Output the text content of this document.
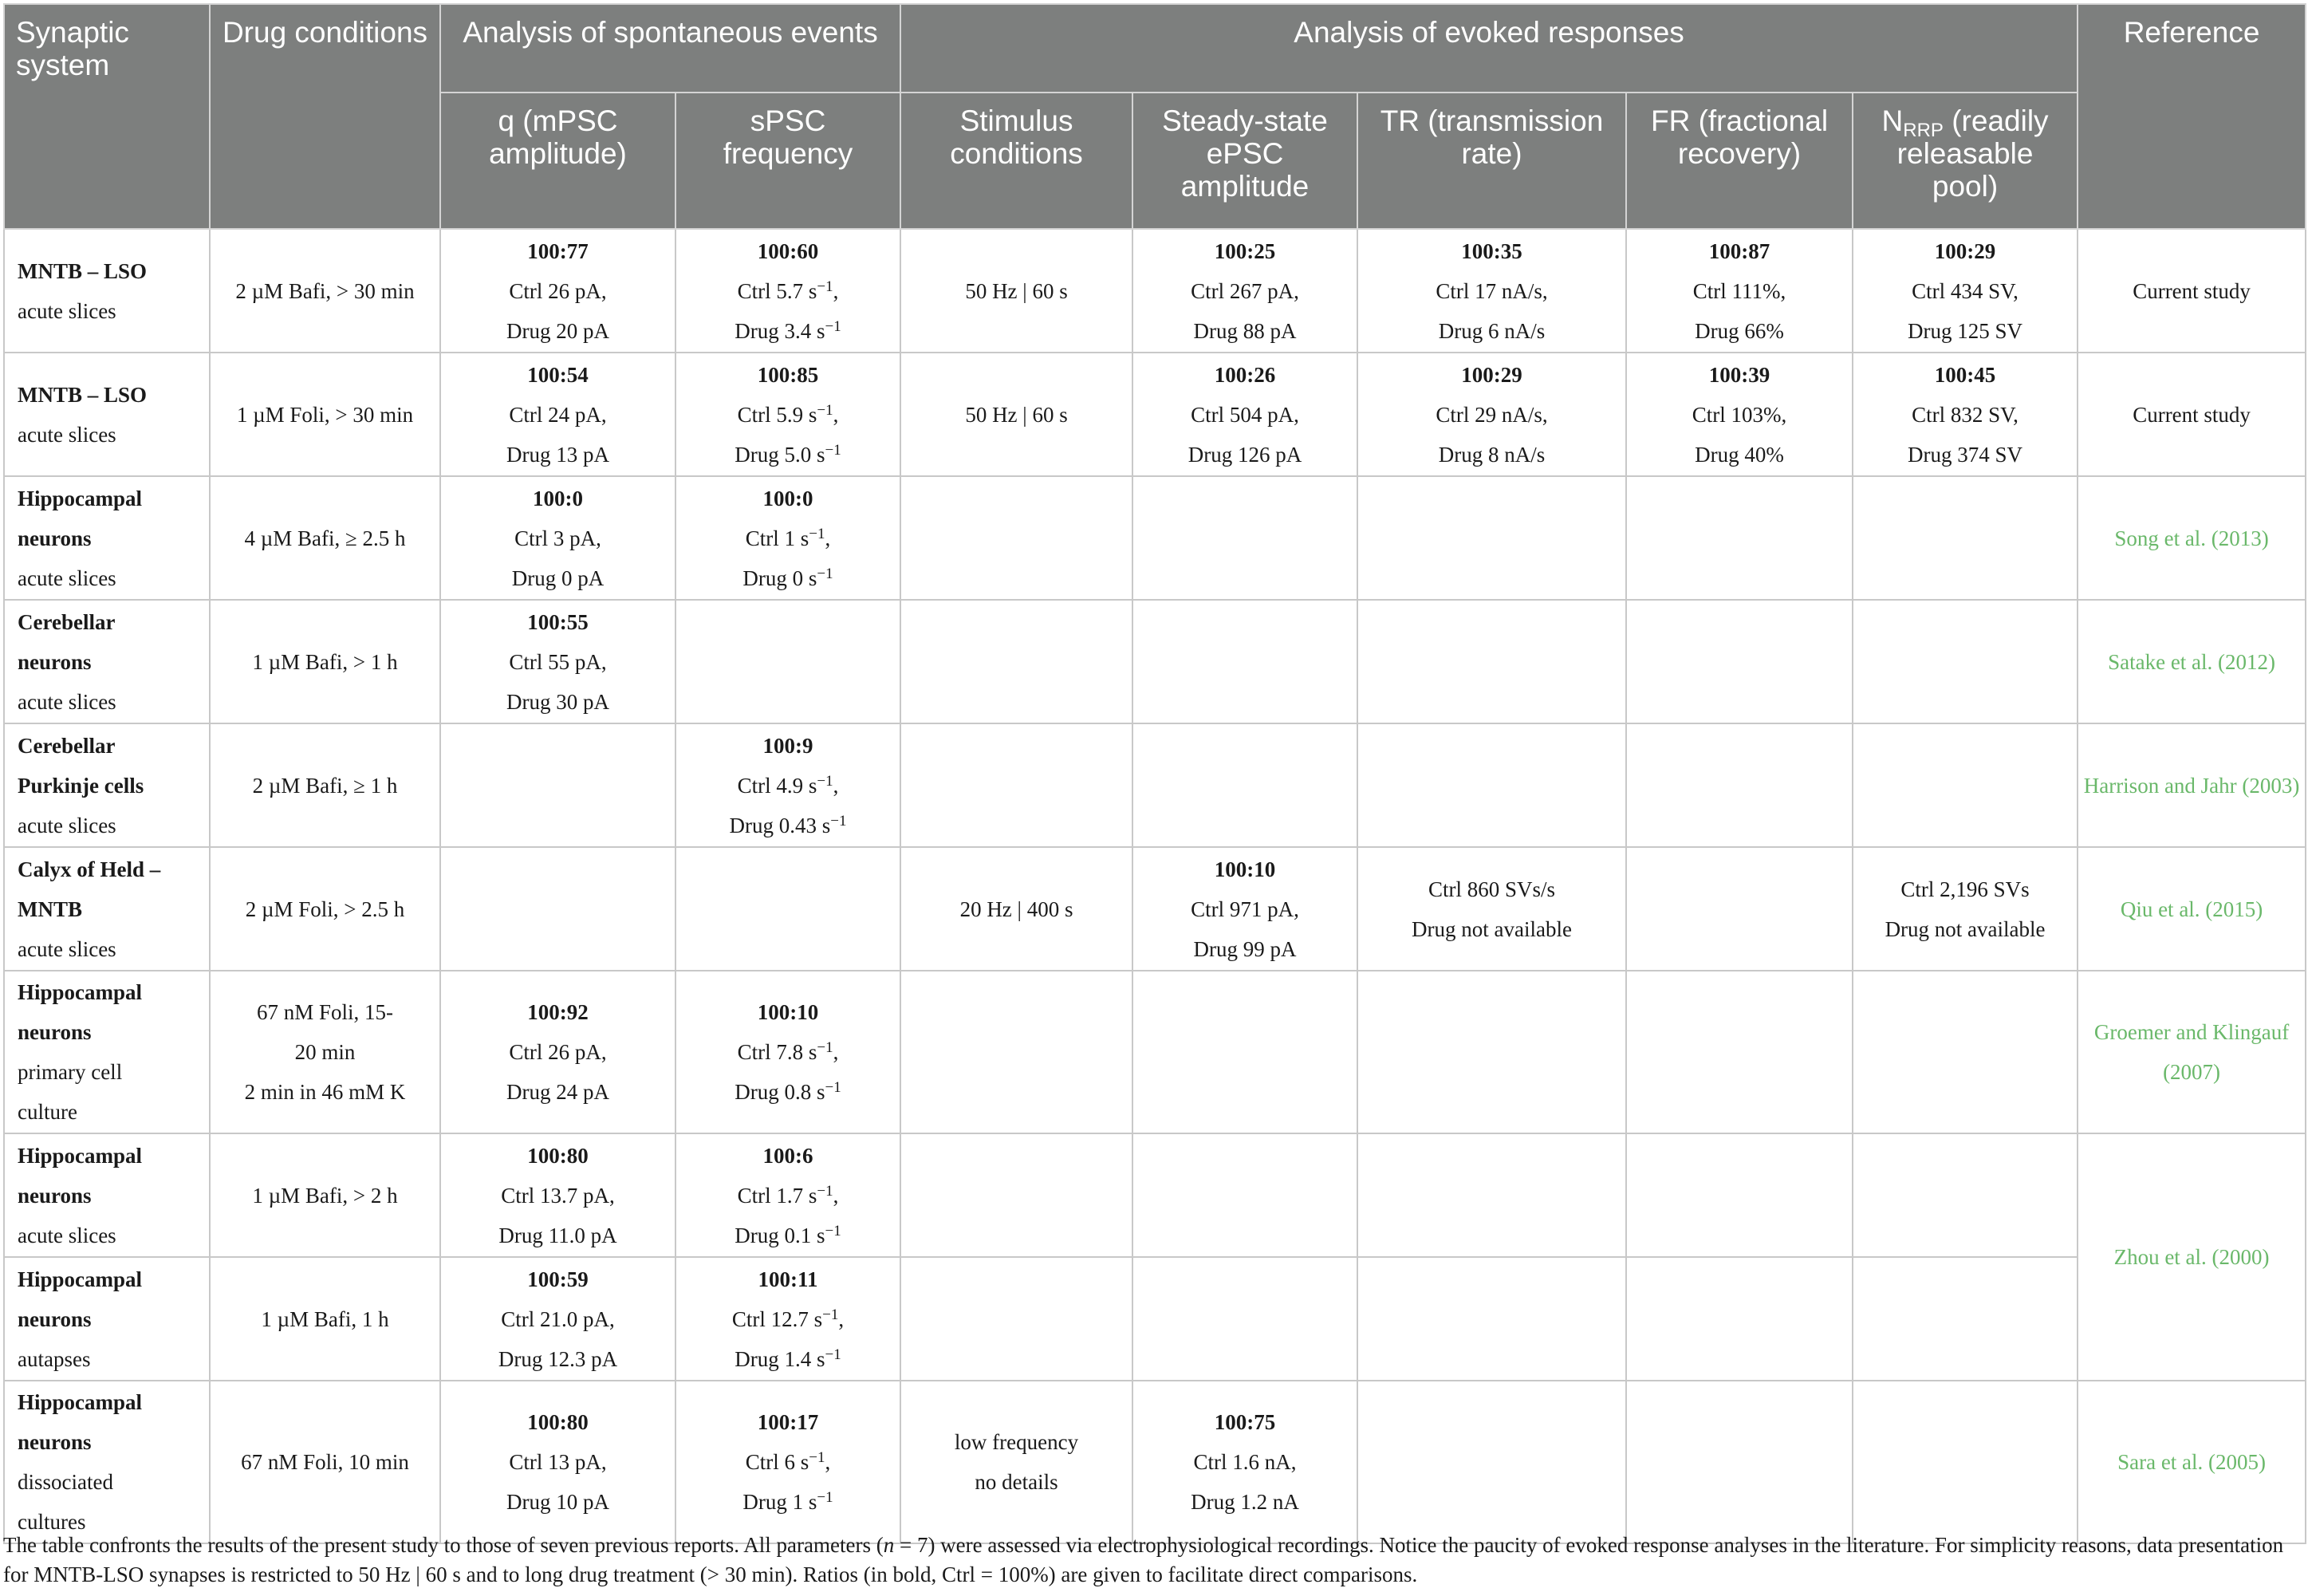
Synaptic system	Drug conditions	Analysis of spontaneous events		Analysis of evoked responses					Reference
		q (mPSC amplitude)	sPSC frequency	Stimulus conditions	Steady-state ePSC amplitude	TR (transmission rate)	FR (fractional recovery)	$N_{RRP}$ (readily releasable pool)	

MNTB – LSO
acute slices	2 µM Bafi, > 30 min	100:77
Ctrl 26 pA,
Drug 20 pA	100:60
Ctrl 5.7 $s^{-1}$,
Drug 3.4 $s^{-1}$	50 Hz | 60 s	100:25
Ctrl 267 pA,
Drug 88 pA	100:35
Ctrl 17 nA/s,
Drug 6 nA/s	100:87
Ctrl 111%,
Drug 66%	100:29
Ctrl 434 SV,
Drug 125 SV	Current study

MNTB – LSO
acute slices	1 µM Foli, > 30 min	100:54
Ctrl 24 pA,
Drug 13 pA	100:85
Ctrl 5.9 $s^{-1}$,
Drug 5.0 $s^{-1}$	50 Hz | 60 s	100:26
Ctrl 504 pA,
Drug 126 pA	100:29
Ctrl 29 nA/s,
Drug 8 nA/s	100:39
Ctrl 103%,
Drug 40%	100:45
Ctrl 832 SV,
Drug 374 SV	Current study

Hippocampal
neurons
acute slices	4 µM Bafi, ≥ 2.5 h	100:0
Ctrl 3 pA,
Drug 0 pA	100:0
Ctrl 1 $s^{-1}$,
Drug 0 $s^{-1}$						Song et al. (2013)

Cerebellar
neurons
acute slices	1 µM Bafi, > 1 h	100:55
Ctrl 55 pA,
Drug 30 pA							Satake et al. (2012)

Cerebellar
Purkinje cells
acute slices	2 µM Bafi, ≥ 1 h		100:9
Ctrl 4.9 $s^{-1}$,
Drug 0.43 $s^{-1}$						Harrison and Jahr (2003)

Calyx of Held –
MNTB
acute slices	2 µM Foli, > 2.5 h			20 Hz | 400 s	100:10
Ctrl 971 pA,
Drug 99 pA	Ctrl 860 SVs/s
Drug not available		Ctrl 2,196 SVs
Drug not available	Qiu et al. (2015)

Hippocampal
neurons
primary cell
culture	67 nM Foli, 15-
20 min
2 min in 46 mM K	100:92
Ctrl 26 pA,
Drug 24 pA	100:10
Ctrl 7.8 $s^{-1}$,
Drug 0.8 $s^{-1}$						Groemer and Klingauf (2007)

Hippocampal
neurons
acute slices	1 µM Bafi, > 2 h	100:80
Ctrl 13.7 pA,
Drug 11.0 pA	100:6
Ctrl 1.7 $s^{-1}$,
Drug 0.1 $s^{-1}$						Zhou et al. (2000)

Hippocampal
neurons
autapses	1 µM Bafi, 1 h	100:59
Ctrl 21.0 pA,
Drug 12.3 pA	100:11
Ctrl 12.7 $s^{-1}$,
Drug 1.4 $s^{-1}$

Hippocampal
neurons
dissociated
cultures	67 nM Foli, 10 min	100:80
Ctrl 13 pA,
Drug 10 pA	100:17
Ctrl 6 $s^{-1}$,
Drug 1 $s^{-1}$	low frequency
no details	100:75
Ctrl 1.6 nA,
Drug 1.2 nA				Sara et al. (2005)

The table confronts the results of the present study to those of seven previous reports. All parameters (n = 7) were assessed via electrophysiological recordings. Notice the paucity of evoked response analyses in the literature. For simplicity reasons, data presentation for MNTB-LSO synapses is restricted to 50 Hz | 60 s and to long drug treatment (> 30 min). Ratios (in bold, Ctrl = 100%) are given to facilitate direct comparisons.
